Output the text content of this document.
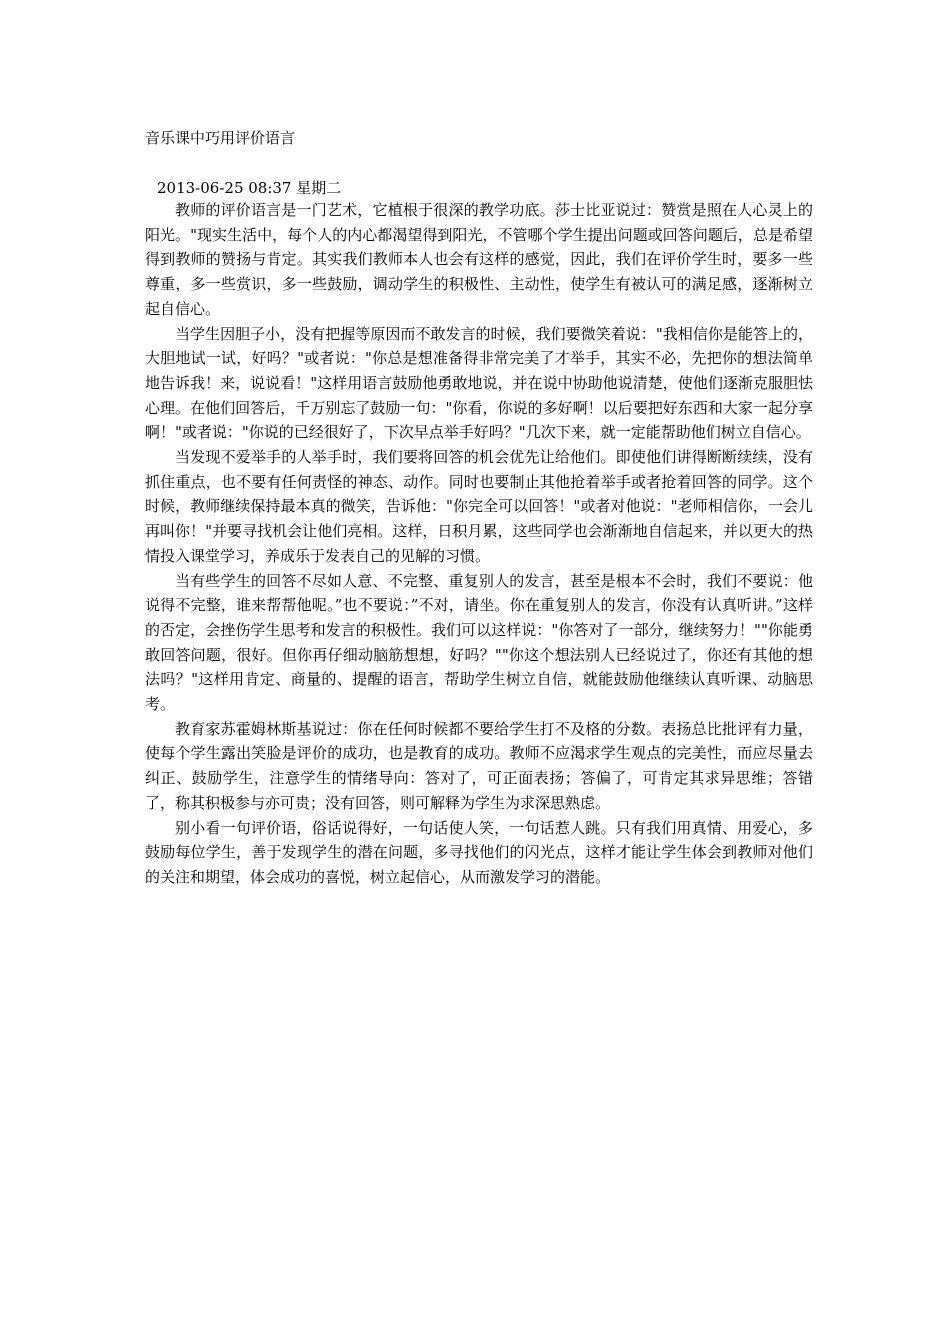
音乐课中巧用评价语言
2013-06-25 08:37 星期二

教师的评价语言是一门艺术，它植根于很深的教学功底。莎士比亚说过：赞赏是照在人心灵上的阳光。"现实生活中，每个人的内心都渴望得到阳光，不管哪个学生提出问题或回答问题后，总是希望得到教师的赞扬与肯定。其实我们教师本人也会有这样的感觉，因此，我们在评价学生时，要多一些尊重，多一些赏识，多一些鼓励，调动学生的积极性、主动性，使学生有被认可的满足感，逐渐树立起自信心。

当学生因胆子小，没有把握等原因而不敢发言的时候，我们要微笑着说："我相信你是能答上的，大胆地试一试，好吗？"或者说："你总是想准备得非常完美了才举手，其实不必，先把你的想法简单地告诉我！来，说说看！"这样用语言鼓励他勇敢地说，并在说中协助他说清楚，使他们逐渐克服胆怯心理。在他们回答后，千万别忘了鼓励一句："你看，你说的多好啊！以后要把好东西和大家一起分享啊！"或者说："你说的已经很好了，下次早点举手好吗？"几次下来，就一定能帮助他们树立自信心。

当发现不爱举手的人举手时，我们要将回答的机会优先让给他们。即使他们讲得断断续续，没有抓住重点，也不要有任何责怪的神态、动作。同时也要制止其他抢着举手或者抢着回答的同学。这个时候，教师继续保持最本真的微笑，告诉他："你完全可以回答！"或者对他说："老师相信你，一会儿再叫你！"并要寻找机会让他们亮相。这样，日积月累，这些同学也会渐渐地自信起来，并以更大的热情投入课堂学习，养成乐于发表自己的见解的习惯。

当有些学生的回答不尽如人意、不完整、重复别人的发言，甚至是根本不会时，我们不要说：他说得不完整，谁来帮帮他呢。”也不要说：”不对，请坐。你在重复别人的发言，你没有认真听讲。”这样的否定，会挫伤学生思考和发言的积极性。我们可以这样说："你答对了一部分，继续努力！""你能勇敢回答问题，很好。但你再仔细动脑筋想想，好吗？""你这个想法别人已经说过了，你还有其他的想法吗？"这样用肯定、商量的、提醒的语言，帮助学生树立自信，就能鼓励他继续认真听课、动脑思考。

教育家苏霍姆林斯基说过：你在任何时候都不要给学生打不及格的分数。表扬总比批评有力量，使每个学生露出笑脸是评价的成功，也是教育的成功。教师不应渴求学生观点的完美性，而应尽量去纠正、鼓励学生，注意学生的情绪导向：答对了，可正面表扬；答偏了，可肯定其求异思维；答错了，称其积极参与亦可贵；没有回答，则可解释为学生为求深思熟虑。

别小看一句评价语，俗话说得好，一句话使人笑，一句话惹人跳。只有我们用真情、用爱心，多鼓励每位学生，善于发现学生的潜在问题，多寻找他们的闪光点，这样才能让学生体会到教师对他们的关注和期望，体会成功的喜悦，树立起信心，从而激发学习的潜能。
